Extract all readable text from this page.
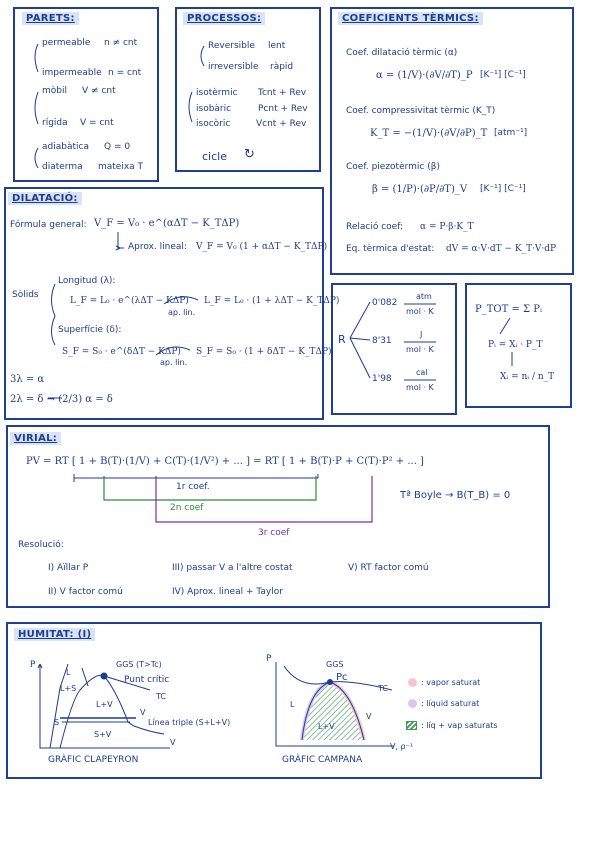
PARETS:
permeable n ≠ cnt
impermeable n = cnt
mòbil V ≠ cnt
rígida V = cnt
adiabàtica Q = 0
diaterma mateixa T
PROCESSOS:
Reversible lent
irreversible ràpid
isotèrmic Tcnt + Rev
isobàric	Pcnt + Rev
isocòric	Vcnt + Rev
cicle ↻
COEFICIENTS TÈRMICS:
Coef. dilatació tèrmic (α)
α = (1/V)·(∂V/∂T)_P [K⁻¹] [C⁻¹]
Coef. compressivitat tèrmic (K_T)
K_T = −(1/V)·(∂V/∂P)_T [atm⁻¹]
Coef. piezotèrmic (β)
β = (1/P)·(∂P/∂T)_V [K⁻¹] [C⁻¹]
Relació coef: α = P·β·K_T
Eq. tèrmica d'estat: dV = α·V·dT − K_T·V·dP
DILATACIÓ:
Fórmula general: V_F = V₀ · e^(αΔT − K_TΔP)
Aprox. lineal: V_F = V₀ (1 + αΔT − K_TΔP)
Sòlids
Longitud (λ):
L_F = L₀ · e^(λΔT − KΔP)
ap. lin.
L_F = L₀ · (1 + λΔT − K_TΔP)
Superfície (δ):
S_F = S₀ · e^(δΔT − KΔP)
ap. lin.
S_F = S₀ · (1 + δΔT − K_TΔP)
3λ = α
2λ = δ → (2/3) α = δ
R
0'082
atm
mol · K
8'31
J
mol · K
1'98
cal
mol · K
P_TOT = Σ Pᵢ
Pᵢ = Xᵢ · P_T
Xᵢ = nᵢ / n_T
VIRIAL:
PV = RT [ 1 + B(T)·(1/V) + C(T)·(1/V²) + ... ] = RT [ 1 + B(T)·P + C(T)·P² + ... ]
1r coef.
2n coef
3r coef
Tª Boyle → B(T_B) = 0
Resolució:
I) Aïllar P
II) V factor comú
III) passar V a l'altre costat
IV) Aprox. lineal + Taylor
V) RT factor comú
HUMITAT: (I)
P	GGS (T>Tc)
Punt crític
TC
L
L+S
L+V
S
V
S+V
Línea triple (S+L+V)
V
GRÀFIC CLAPEYRON
P
GGS
Pc
TC
L
V
V, ρ⁻¹
GRÀFIC CAMPANA
: vapor saturat
: líquid saturat
: líq + vap saturats
